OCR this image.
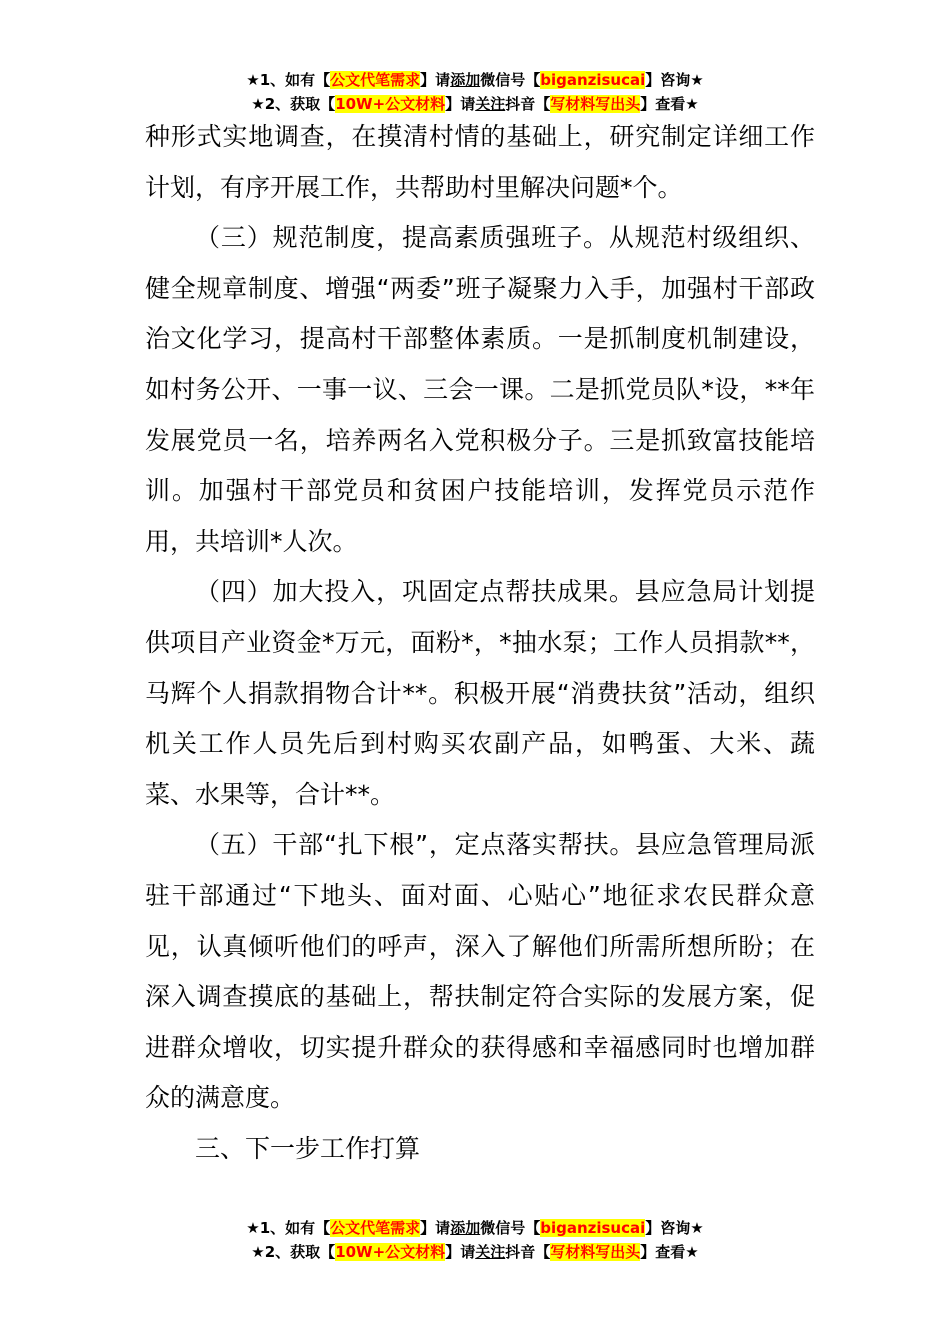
★1、如有【公文代笔需求】请添加微信号【biganzisucai】咨询★
★2、获取【10W+公文材料】请关注抖音【写材料写出头】查看★

种形式实地调查，在摸清村情的基础上，研究制定详细工作计划，有序开展工作，共帮助村里解决问题*个。

（三）规范制度，提高素质强班子。从规范村级组织、健全规章制度、增强“两委”班子凝聚力入手，加强村干部政治文化学习，提高村干部整体素质。一是抓制度机制建设，如村务公开、一事一议、三会一课。二是抓党员队*设，**年发展党员一名，培养两名入党积极分子。三是抓致富技能培训。加强村干部党员和贫困户技能培训，发挥党员示范作用，共培训*人次。

（四）加大投入，巩固定点帮扶成果。县应急局计划提供项目产业资金*万元，面粉*，*抽水泵；工作人员捐款**，马辉个人捐款捐物合计**。积极开展“消费扶贫”活动，组织机关工作人员先后到村购买农副产品，如鸭蛋、大米、蔬菜、水果等，合计**。

（五）干部“扎下根”，定点落实帮扶。县应急管理局派驻干部通过“下地头、面对面、心贴心”地征求农民群众意见，认真倾听他们的呼声，深入了解他们所需所想所盼；在深入调查摸底的基础上，帮扶制定符合实际的发展方案，促进群众增收，切实提升群众的获得感和幸福感同时也增加群众的满意度。

三、下一步工作打算

★1、如有【公文代笔需求】请添加微信号【biganzisucai】咨询★
★2、获取【10W+公文材料】请关注抖音【写材料写出头】查看★
